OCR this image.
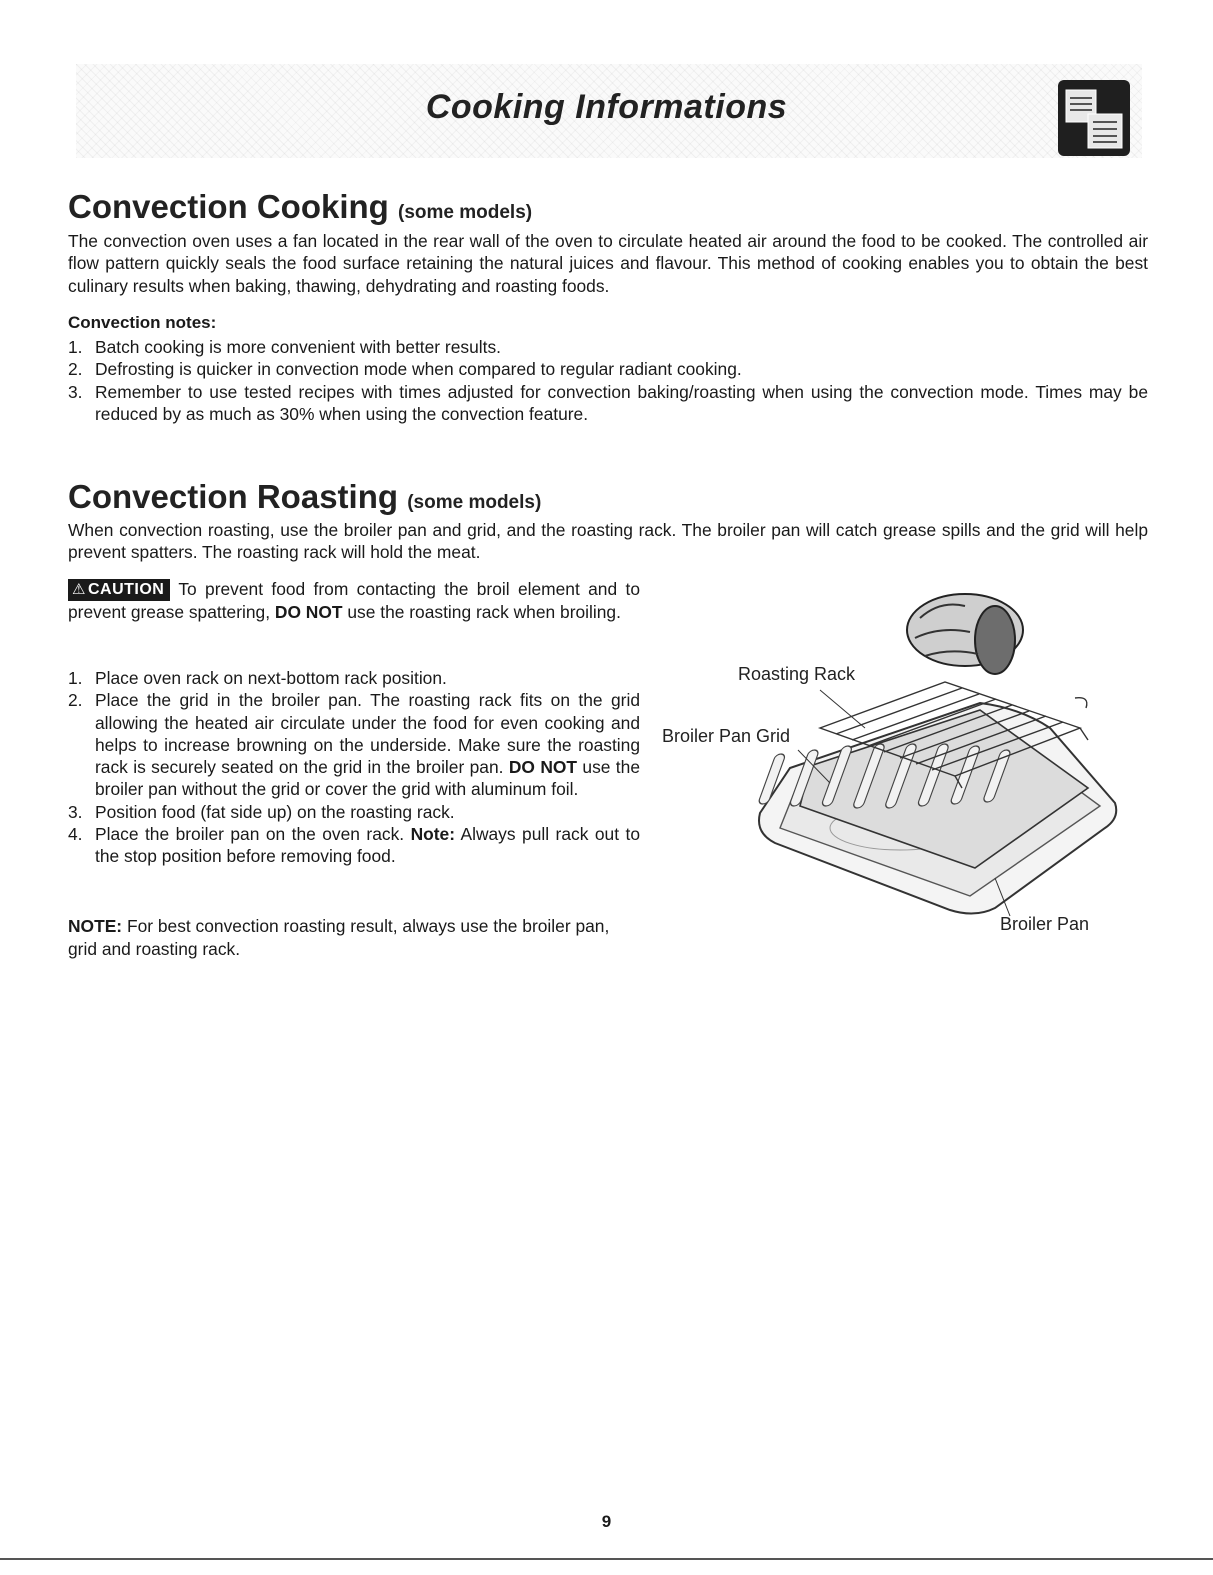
Cooking Informations
Convection Cooking (some models)

The convection oven uses a fan located in the rear wall of the oven to circulate heated air around the food to be cooked. The controlled air flow pattern quickly seals the food surface retaining the natural juices and flavour. This method of cooking enables you to obtain the best culinary results when baking, thawing, dehydrating and roasting foods.

Convection notes:

1. Batch cooking is more convenient with better results.
2. Defrosting is quicker in convection mode when compared to regular radiant cooking.
3. Remember to use tested recipes with times adjusted for convection baking/roasting when using the convection mode. Times may be reduced by as much as 30% when using the convection feature.
Convection Roasting (some models)

When convection roasting, use the broiler pan and grid, and the roasting rack. The broiler pan will catch grease spills and the grid will help prevent spatters. The roasting rack will hold the meat.

⚠ CAUTION To prevent food from contacting the broil element and to prevent grease spattering, DO NOT use the roasting rack when broiling.

1. Place oven rack on next-bottom rack position.
2. Place the grid in the broiler pan. The roasting rack fits on the grid allowing the heated air circulate under the food for even cooking and helps to increase browning on the underside. Make sure the roasting rack is securely seated on the grid in the broiler pan. DO NOT use the broiler pan without the grid or cover the grid with aluminum foil.
3. Position food (fat side up) on the roasting rack.
4. Place the broiler pan on the oven rack. Note: Always pull rack out to the stop position before removing food.

NOTE: For best convection roasting result, always use the broiler pan, grid and roasting rack.

Roasting Rack
Broiler Pan Grid
Broiler Pan
9
